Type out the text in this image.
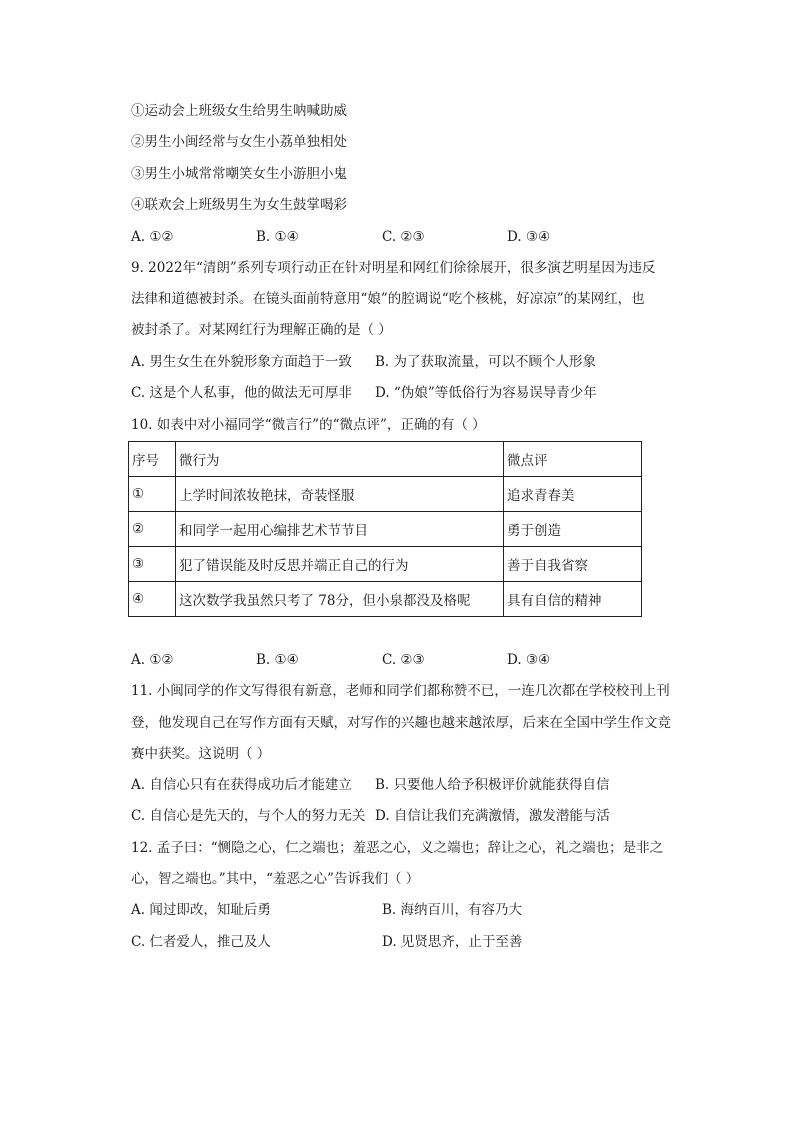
①运动会上班级女生给男生呐喊助威
②男生小闽经常与女生小荔单独相处
③男生小城常常嘲笑女生小游胆小鬼
④联欢会上班级男生为女生鼓掌喝彩
A. ①②	B. ①④	C. ②③	D. ③④
9. 2022年“清朗”系列专项行动正在针对明星和网红们徐徐展开，很多演艺明星因为违反
法律和道德被封杀。在镜头面前特意用“娘”的腔调说“吃个核桃，好凉凉”的某网红，也
被封杀了。对某网红行为理解正确的是（ ）
A. 男生女生在外貌形象方面趋于一致 B. 为了获取流量，可以不顾个人形象
C. 这是个人私事，他的做法无可厚非 D. “伪娘”等低俗行为容易误导青少年
10. 如表中对小福同学“微言行”的“微点评”，正确的有（ ）
序号	微行为	微点评
①	上学时间浓妆艳抹，奇装怪服	追求青春美
②	和同学一起用心编排艺术节节目	勇于创造
③	犯了错误能及时反思并端正自己的行为	善于自我省察
④	这次数学我虽然只考了 78分，但小泉都没及格呢	具有自信的精神
A. ①②	B. ①④	C. ②③	D. ③④
11. 小闽同学的作文写得很有新意，老师和同学们都称赞不已，一连几次都在学校校刊上刊
登，他发现自己在写作方面有天赋，对写作的兴趣也越来越浓厚，后来在全国中学生作文竞
赛中获奖。这说明（ ）
A. 自信心只有在获得成功后才能建立 B. 只要他人给予积极评价就能获得自信
C. 自信心是先天的，与个人的努力无关 D. 自信让我们充满激情，激发潜能与活
12. 孟子曰：“恻隐之心，仁之端也；羞恶之心，义之端也；辞让之心，礼之端也；是非之
心，智之端也。”其中，“羞恶之心”告诉我们（ ）
A. 闻过即改，知耻后勇	B. 海纳百川，有容乃大
C. 仁者爱人，推己及人	D. 见贤思齐，止于至善
